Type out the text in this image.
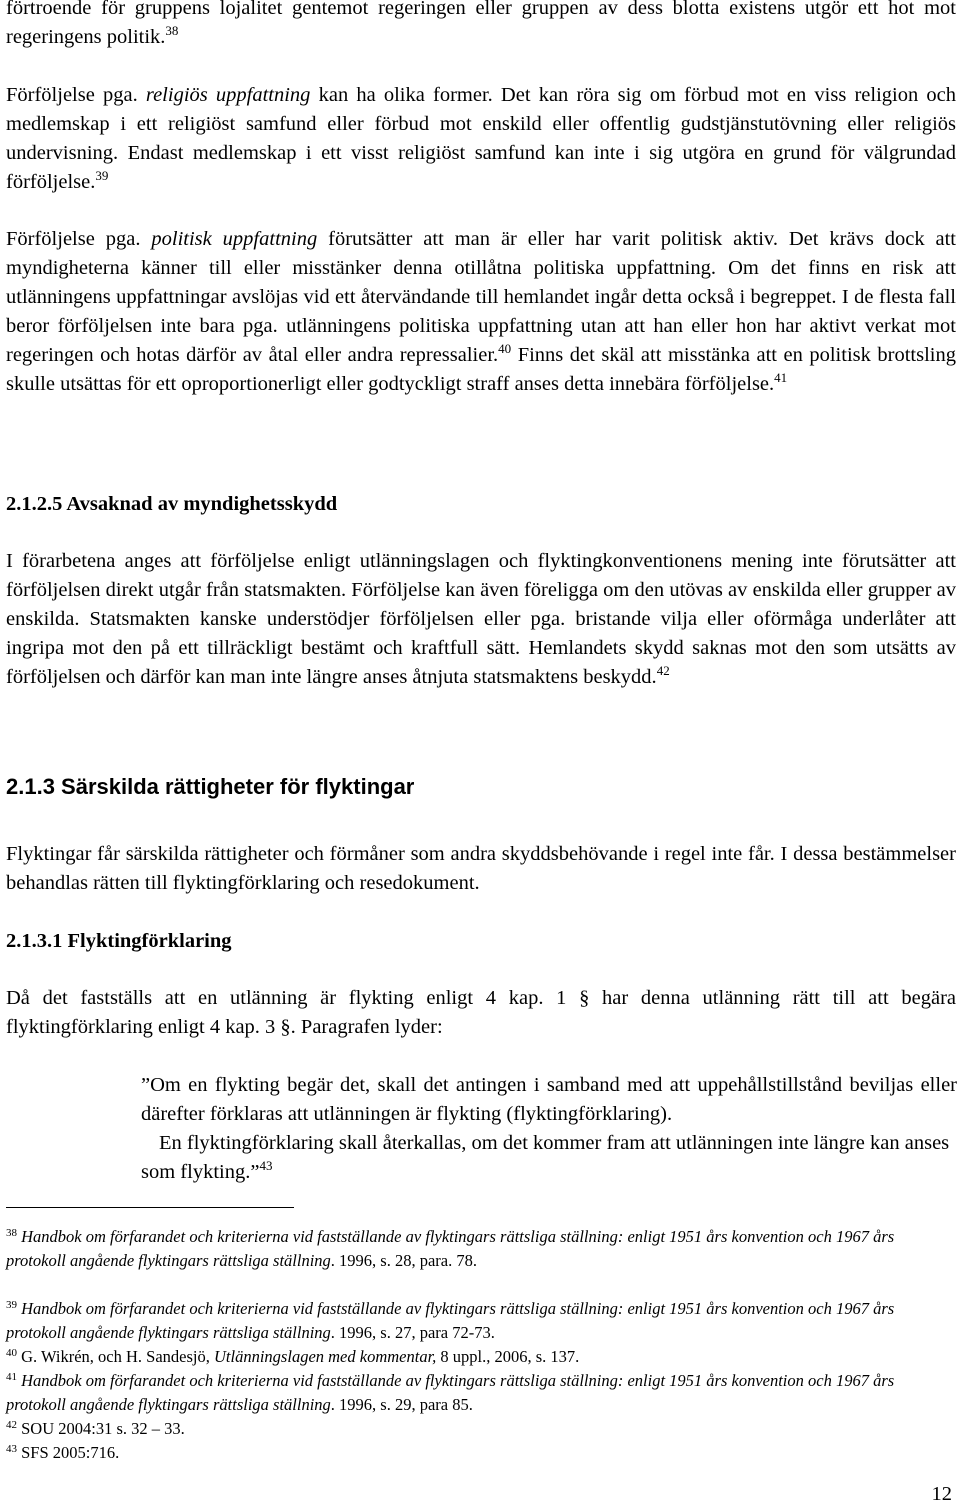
förtroende för gruppens lojalitet gentemot regeringen eller gruppen av dess blotta existens utgör ett hot mot regeringens politik.$^{38}$

Förföljelse pga. religiös uppfattning kan ha olika former. Det kan röra sig om förbud mot en viss religion och medlemskap i ett religiöst samfund eller förbud mot enskild eller offentlig gudstjänstutövning eller religiös undervisning. Endast medlemskap i ett visst religiöst samfund kan inte i sig utgöra en grund för välgrundad förföljelse.$^{39}$

Förföljelse pga. politisk uppfattning förutsätter att man är eller har varit politisk aktiv. Det krävs dock att myndigheterna känner till eller misstänker denna otillåtna politiska uppfattning. Om det finns en risk att utlänningens uppfattningar avslöjas vid ett återvändande till hemlandet ingår detta också i begreppet. I de flesta fall beror förföljelsen inte bara pga. utlänningens politiska uppfattning utan att han eller hon har aktivt verkat mot regeringen och hotas därför av åtal eller andra repressalier.$^{40}$ Finns det skäl att misstänka att en politisk brottsling skulle utsättas för ett oproportionerligt eller godtyckligt straff anses detta innebära förföljelse.$^{41}$

2.1.2.5 Avsaknad av myndighetsskydd

I förarbetena anges att förföljelse enligt utlänningslagen och flyktingkonventionens mening inte förutsätter att förföljelsen direkt utgår från statsmakten. Förföljelse kan även föreligga om den utövas av enskilda eller grupper av enskilda. Statsmakten kanske understödjer förföljelsen eller pga. bristande vilja eller oförmåga underlåter att ingripa mot den på ett tillräckligt bestämt och kraftfull sätt. Hemlandets skydd saknas mot den som utsätts av förföljelsen och därför kan man inte längre anses åtnjuta statsmaktens beskydd.$^{42}$

2.1.3 Särskilda rättigheter för flyktingar

Flyktingar får särskilda rättigheter och förmåner som andra skyddsbehövande i regel inte får. I dessa bestämmelser behandlas rätten till flyktingförklaring och resedokument.

2.1.3.1 Flyktingförklaring

Då det fastställs att en utlänning är flykting enligt 4 kap. 1 § har denna utlänning rätt till att begära flyktingförklaring enligt 4 kap. 3 §. Paragrafen lyder:

”Om en flykting begär det, skall det antingen i samband med att uppehållstillstånd beviljas eller därefter förklaras att utlänningen är flykting (flyktingförklaring).
En flyktingförklaring skall återkallas, om det kommer fram att utlänningen inte längre kan anses som flykting.”$^{43}$

$^{38}$ Handbok om förfarandet och kriterierna vid fastställande av flyktingars rättsliga ställning: enligt 1951 års konvention och 1967 års protokoll angående flyktingars rättsliga ställning. 1996, s. 28, para. 78.

$^{39}$ Handbok om förfarandet och kriterierna vid fastställande av flyktingars rättsliga ställning: enligt 1951 års konvention och 1967 års protokoll angående flyktingars rättsliga ställning. 1996, s. 27, para 72-73.

$^{40}$ G. Wikrén, och H. Sandesjö, Utlänningslagen med kommentar, 8 uppl., 2006, s. 137.

$^{41}$ Handbok om förfarandet och kriterierna vid fastställande av flyktingars rättsliga ställning: enligt 1951 års konvention och 1967 års protokoll angående flyktingars rättsliga ställning. 1996, s. 29, para 85.

$^{42}$ SOU 2004:31 s. 32 – 33.

$^{43}$ SFS 2005:716.

12
